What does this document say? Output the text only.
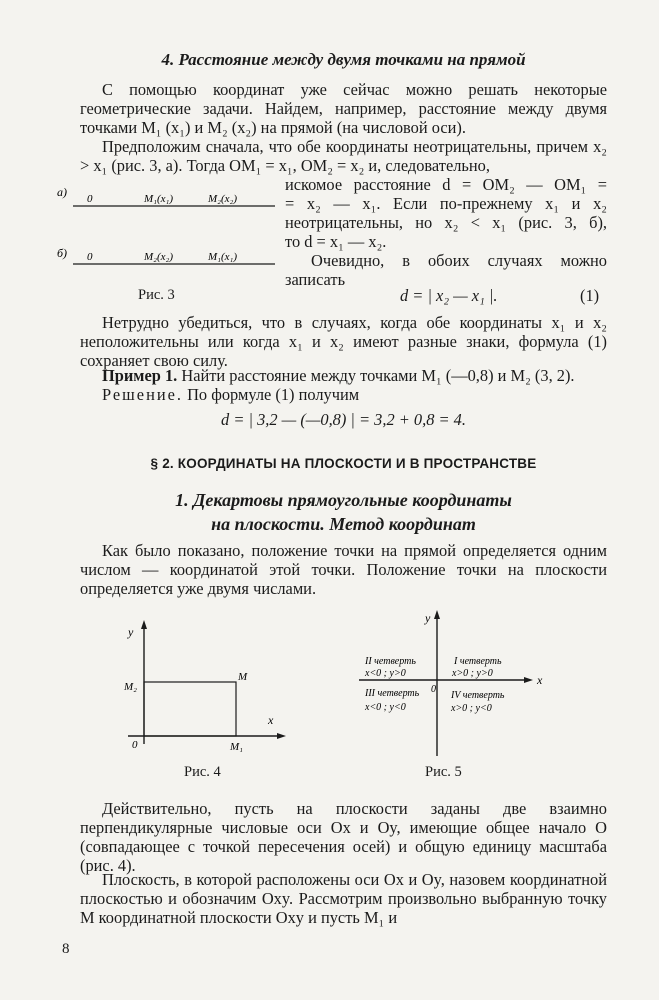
4. Расстояние между двумя точками на прямой

С помощью координат уже сейчас можно решать некоторые геометрические задачи. Найдем, например, расстояние между двумя точками M₁ (x₁) и M₂ (x₂) на прямой (на числовой оси).

Предположим сначала, что обе координаты неотрицательны, причем x₂ > x₁ (рис. 3, а). Тогда OM₁ = x₁, OM₂ = x₂ и, следовательно,

искомое расстояние d = OM₂ — OM₁ =
= x₂ — x₁. Если по-прежнему x₁ и x₂
неотрицательны, но x₂ < x₁ (рис. 3, б),
то d = x₁ — x₂.
Очевидно, в обоих случаях можно
записать
а) 0	M₁(x₁)	M₂(x₂)
б) 0	M₂(x₂)	M₁(x₁)
Рис. 3	d = | x₂ — x₁ |.	(1)

Нетрудно убедиться, что в случаях, когда обе координаты x₁ и x₂ неположительны или когда x₁ и x₂ имеют разные знаки, формула (1) сохраняет свою силу.

Пример 1. Найти расстояние между точками M₁ (—0,8) и M₂ (3, 2).

Решение. По формуле (1) получим

d = | 3,2 — (—0,8) | = 3,2 + 0,8 = 4.
§ 2. КООРДИНАТЫ НА ПЛОСКОСТИ И В ПРОСТРАНСТВЕ
1. Декартовы прямоугольные координаты
на плоскости. Метод координат

Как было показано, положение точки на прямой определяется одним числом — координатой этой точки. Положение точки на плоскости определяется уже двумя числами.

y
x
0
M
M₁
M₂
Рис. 4
y
x
0
II четверть
x<0 ; y>0
I четверть
x>0 ; y>0
III четверть
x<0 ; y<0
IV четверть
x>0 ; y<0
Рис. 5

Действительно, пусть на плоскости заданы две взаимно перпендикулярные числовые оси Ox и Oy, имеющие общее начало O (совпадающее с точкой пересечения осей) и общую единицу масштаба (рис. 4).

Плоскость, в которой расположены оси Ox и Oy, назовем координатной плоскостью и обозначим Oxy. Рассмотрим произвольно выбранную точку M координатной плоскости Oxy и пусть M₁ и

8
